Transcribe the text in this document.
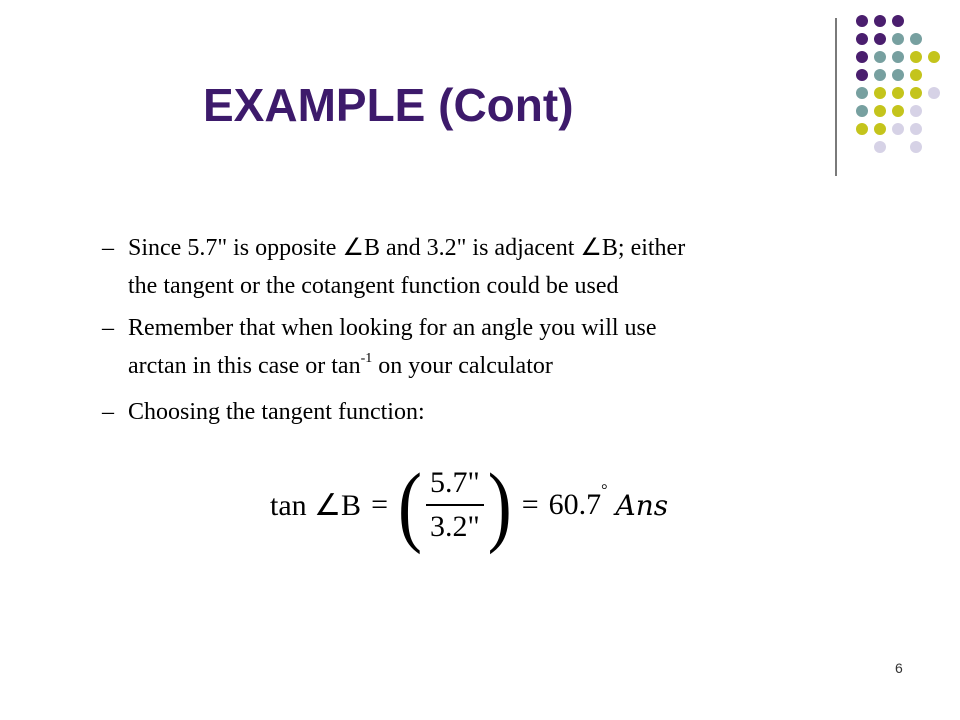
EXAMPLE (Cont)
– Since 5.7" is opposite ∠B and 3.2" is adjacent ∠B; either
the tangent or the cotangent function could be used
– Remember that when looking for an angle you will use
arctan in this case or $\tan^{-1}$ on your calculator
– Choosing the tangent function:
tan ∠B = ( $\frac{5.7"}{3.2"}$ ) = 60.7 ° Ans
6
